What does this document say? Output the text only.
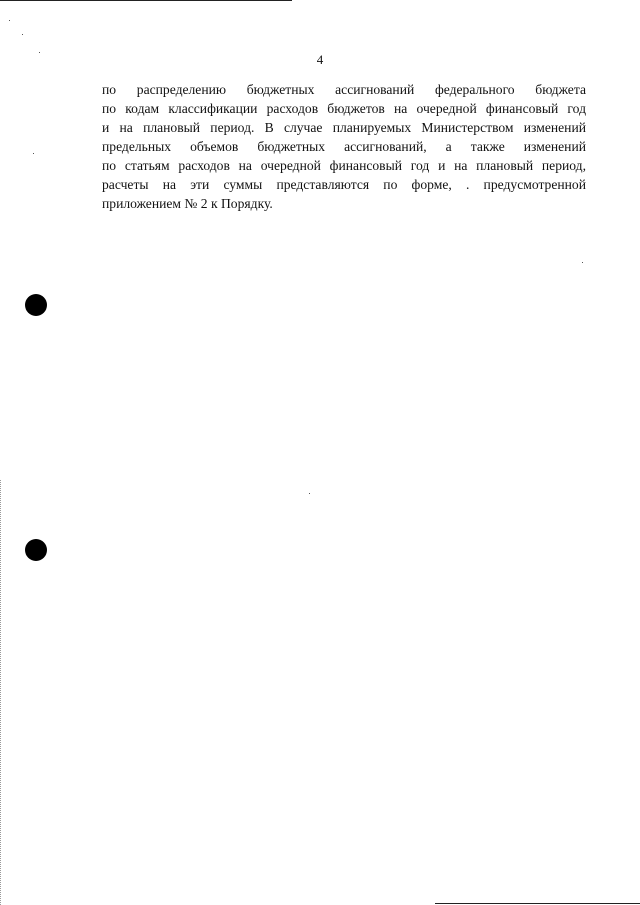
4
по распределению бюджетных ассигнований федерального бюджета
по кодам классификации расходов бюджетов на очередной финансовый год
и на плановый период. В случае планируемых Министерством изменений
предельных объемов бюджетных ассигнований, а также изменений
по статьям расходов на очередной финансовый год и на плановый период,
расчеты на эти суммы представляются по форме, . предусмотренной
приложением № 2 к Порядку.
